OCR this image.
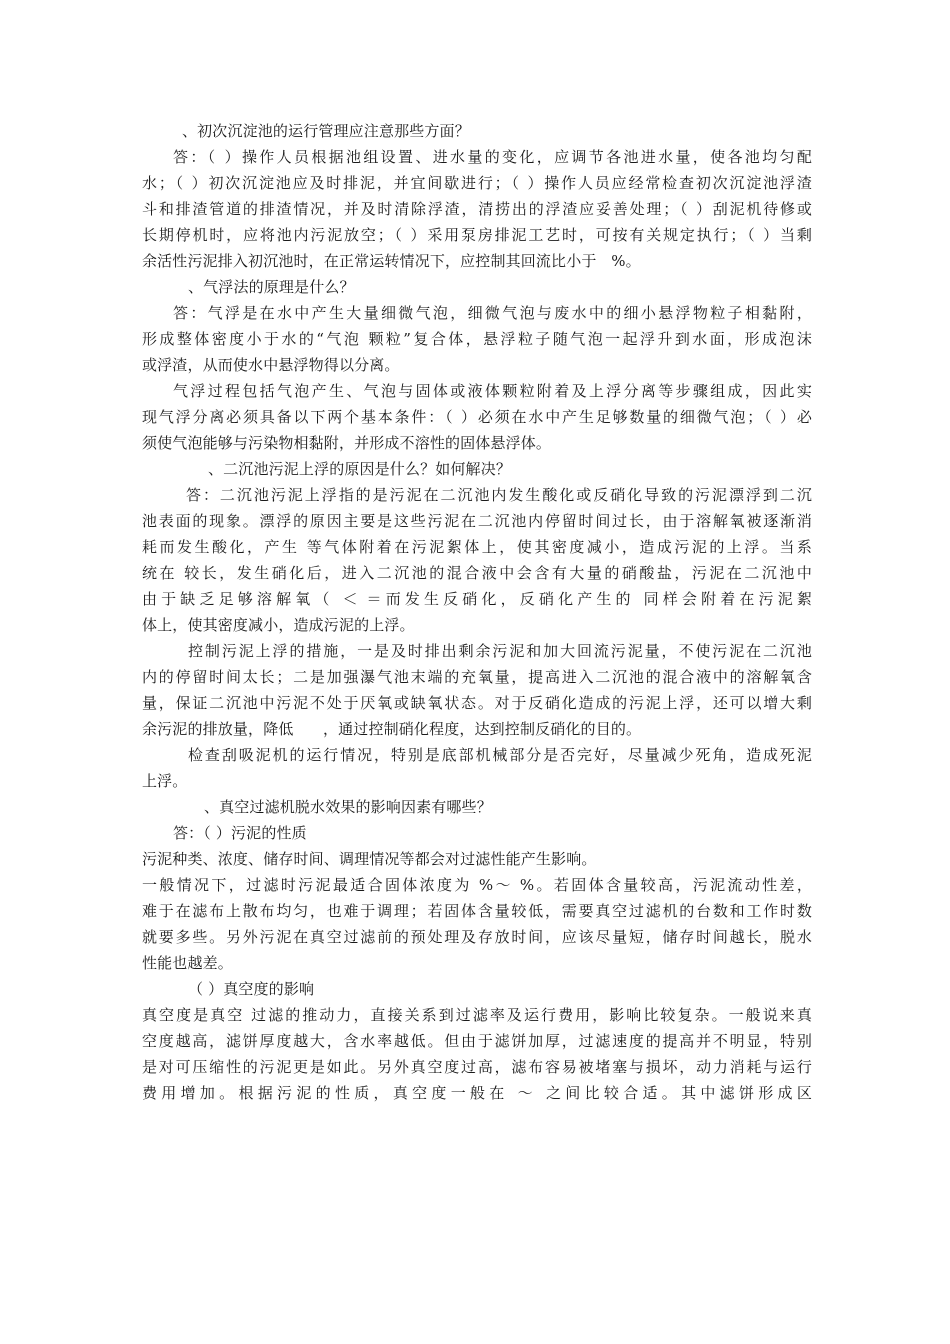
、初次沉淀池的运行管理应注意那些方面？
答：（ ）操作人员根据池组设置、进水量的变化，应调节各池进水量，使各池均匀配
水；（ ）初次沉淀池应及时排泥，并宜间歇进行；（ ）操作人员应经常检查初次沉淀池浮渣
斗和排渣管道的排渣情况，并及时清除浮渣，清捞出的浮渣应妥善处理；（ ）刮泥机待修或
长期停机时，应将池内污泥放空；（ ）采用泵房排泥工艺时，可按有关规定执行；（ ）当剩
余活性污泥排入初沉池时，在正常运转情况下，应控制其回流比小于   %。
、气浮法的原理是什么？
答：气浮是在水中产生大量细微气泡，细微气泡与废水中的细小悬浮物粒子相黏附，
形成整体密度小于水的“气泡 颗粒”复合体，悬浮粒子随气泡一起浮升到水面，形成泡沫
或浮渣，从而使水中悬浮物得以分离。
气浮过程包括气泡产生、气泡与固体或液体颗粒附着及上浮分离等步骤组成，因此实
现气浮分离必须具备以下两个基本条件：（ ）必须在水中产生足够数量的细微气泡；（ ）必
须使气泡能够与污染物相黏附，并形成不溶性的固体悬浮体。
、二沉池污泥上浮的原因是什么？如何解决？
答：二沉池污泥上浮指的是污泥在二沉池内发生酸化或反硝化导致的污泥漂浮到二沉
池表面的现象。漂浮的原因主要是这些污泥在二沉池内停留时间过长，由于溶解氧被逐渐消
耗而发生酸化，产生 等气体附着在污泥絮体上，使其密度减小，造成污泥的上浮。当系
统在 较长，发生硝化后，进入二沉池的混合液中会含有大量的硝酸盐，污泥在二沉池中
由于缺乏足够溶解氧（ ＜ ＝而发生反硝化，反硝化产生的 同样会附着在污泥絮
体上，使其密度减小，造成污泥的上浮。
控制污泥上浮的措施，一是及时排出剩余污泥和加大回流污泥量，不使污泥在二沉池
内的停留时间太长；二是加强瀑气池末端的充氧量，提高进入二沉池的混合液中的溶解氧含
量，保证二沉池中污泥不处于厌氧或缺氧状态。对于反硝化造成的污泥上浮，还可以增大剩
余污泥的排放量，降低      ，通过控制硝化程度，达到控制反硝化的目的。
检查刮吸泥机的运行情况，特别是底部机械部分是否完好，尽量减少死角，造成死泥
上浮。
、真空过滤机脱水效果的影响因素有哪些？
答：（ ）污泥的性质
污泥种类、浓度、储存时间、调理情况等都会对过滤性能产生影响。
一般情况下，过滤时污泥最适合固体浓度为 %～ %。若固体含量较高，污泥流动性差，
难于在滤布上散布均匀，也难于调理；若固体含量较低，需要真空过滤机的台数和工作时数
就要多些。另外污泥在真空过滤前的预处理及存放时间，应该尽量短，储存时间越长，脱水
性能也越差。
（ ）真空度的影响
真空度是真空 过滤的推动力，直接关系到过滤率及运行费用，影响比较复杂。一般说来真
空度越高，滤饼厚度越大，含水率越低。但由于滤饼加厚，过滤速度的提高并不明显，特别
是对可压缩性的污泥更是如此。另外真空度过高，滤布容易被堵塞与损坏，动力消耗与运行
费用增加。根据污泥的性质，真空度一般在 ～ 之间比较合适。其中滤饼形成区
